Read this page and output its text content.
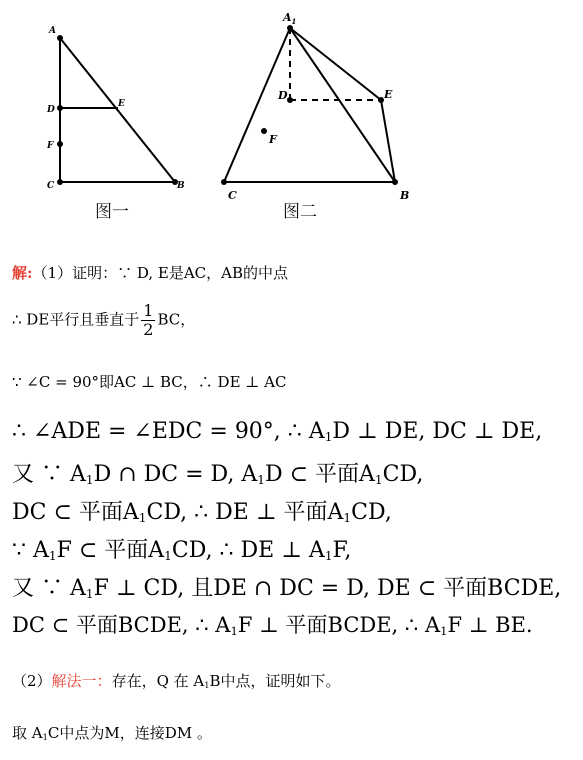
A
D
E
F
C	B
$A_1$
D	E
F
C	B
图一	图二
解:（1）证明：∵ D, E是AC，AB的中点
∴ DE平行且垂直于 $\frac{1}{2}$ BC，
∵ ∠C = 90°即AC ⊥ BC，∴ DE ⊥ AC
∴ ∠ADE = ∠EDC = 90°, ∴ $A_1D$ ⊥ DE, DC ⊥ DE,
又 ∵ $A_1D$ ∩ DC = D, $A_1D$ ⊂ 平面$A_1CD$,
DC ⊂ 平面$A_1CD$, ∴ DE ⊥ 平面$A_1CD$,
∵ $A_1F$ ⊂ 平面$A_1CD$, ∴ DE ⊥ $A_1F$,
又 ∵ $A_1F$ ⊥ CD, 且DE ∩ DC = D, DE ⊂ 平面BCDE,
DC ⊂ 平面BCDE, ∴ $A_1F$ ⊥ 平面BCDE, ∴ $A_1F$ ⊥ BE.
（2）解法一：存在，Q 在 $A_1B$中点，证明如下。
取 $A_1C$中点为M，连接DM 。
